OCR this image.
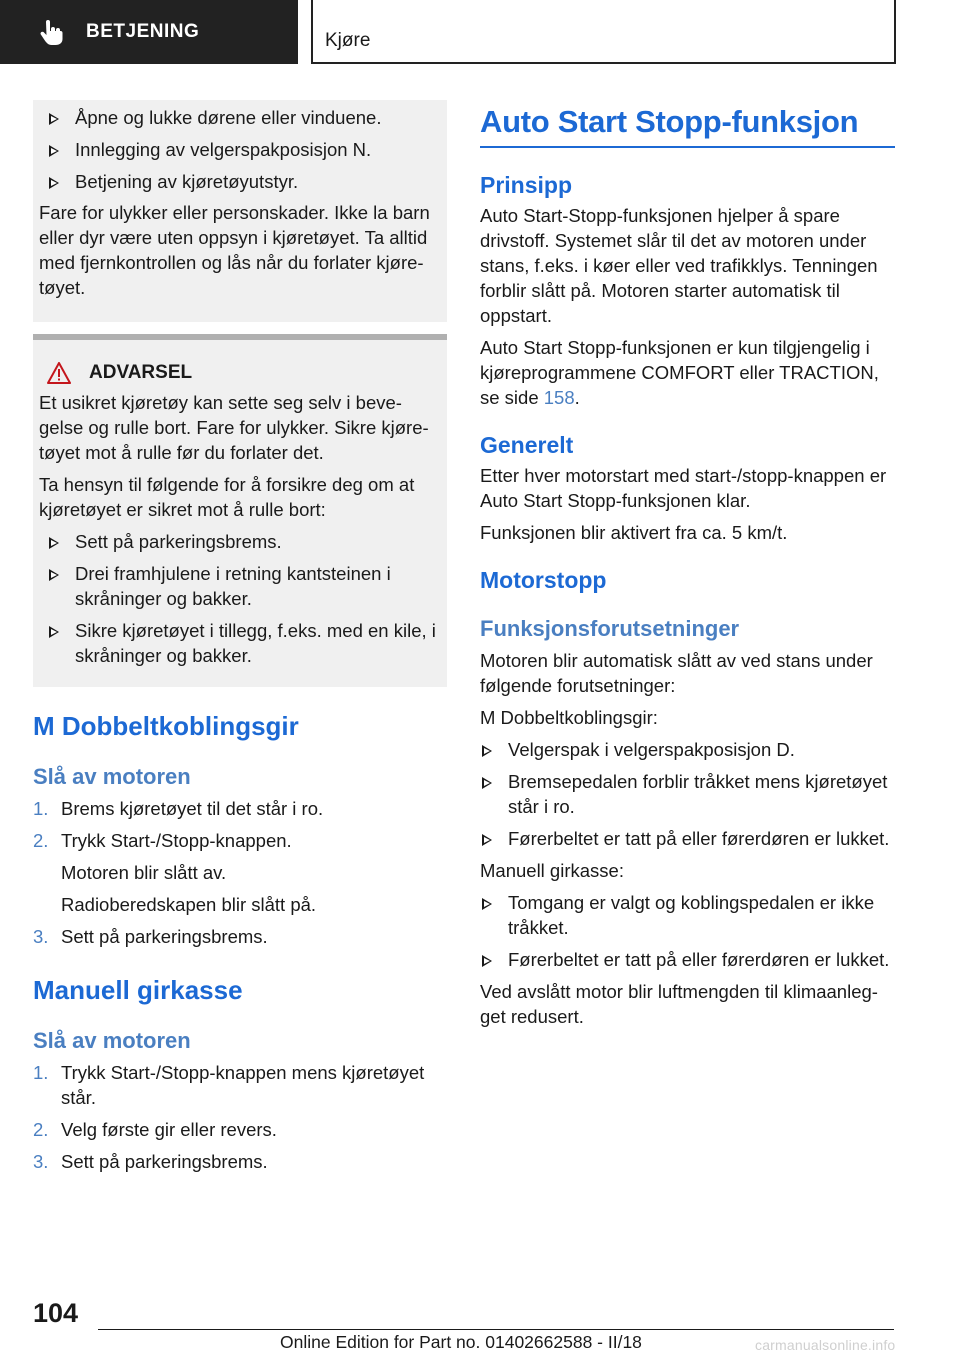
BETJENING	Kjøre
Åpne og lukke dørene eller vinduene.
Innlegging av velgerspakposisjon N.
Betjening av kjøretøyutstyr.

Fare for ulykker eller personskader. Ikke la barn eller dyr være uten oppsyn i kjøretøyet. Ta alltid med fjernkontrollen og lås når du forlater kjøretøyet.

ADVARSEL

Et usikret kjøretøy kan sette seg selv i bevegelse og rulle bort. Fare for ulykker. Sikre kjøretøyet mot å rulle før du forlater det.

Ta hensyn til følgende for å forsikre deg om at kjøretøyet er sikret mot å rulle bort:

Sett på parkeringsbrems.
Drei framhjulene i retning kantsteinen i skråninger og bakker.
Sikre kjøretøyet i tillegg, f.eks. med en kile, i skråninger og bakker.
M Dobbeltkoblingsgir
Slå av motoren
1. Brems kjøretøyet til det står i ro.
2. Trykk Start-/Stopp-knappen.
Motoren blir slått av.
Radioberedskapen blir slått på.
3. Sett på parkeringsbrems.
Manuell girkasse
Slå av motoren
1. Trykk Start-/Stopp-knappen mens kjøretøyet står.
2. Velg første gir eller revers.
3. Sett på parkeringsbrems.
Auto Start Stopp-funksjon
Prinsipp

Auto Start-Stopp-funksjonen hjelper å spare drivstoff. Systemet slår til det av motoren under stans, f.eks. i køer eller ved trafikklys. Tenningen forblir slått på. Motoren starter automatisk til oppstart.

Auto Start Stopp-funksjonen er kun tilgjengelig i kjøreprogrammene COMFORT eller TRACTION, se side 158.

Generelt

Etter hver motorstart med start-/stopp-knappen er Auto Start Stopp-funksjonen klar.

Funksjonen blir aktivert fra ca. 5 km/t.

Motorstopp
Funksjonsforutsetninger

Motoren blir automatisk slått av ved stans under følgende forutsetninger:

M Dobbeltkoblingsgir:

Velgerspak i velgerspakposisjon D.
Bremsepedalen forblir tråkket mens kjøretøyet står i ro.
Førerbeltet er tatt på eller førerdøren er lukket.

Manuell girkasse:

Tomgang er valgt og koblingspedalen er ikke tråkket.
Førerbeltet er tatt på eller førerdøren er lukket.

Ved avslått motor blir luftmengden til klimaanlegget redusert.

104
Online Edition for Part no. 01402662588 - II/18	carmanualsonline.info
